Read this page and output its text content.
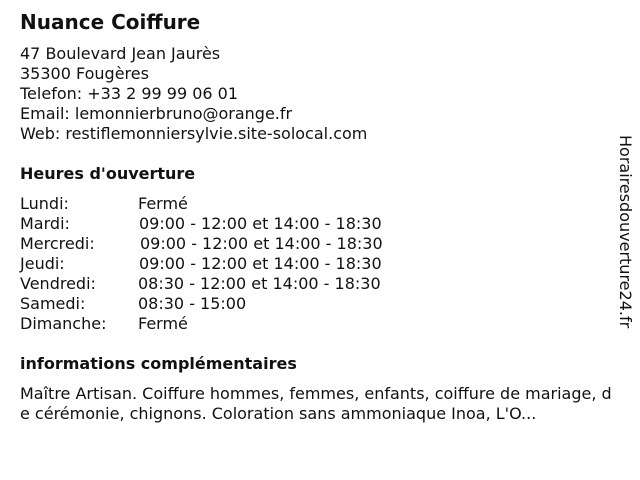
Nuance Coiffure
47 Boulevard Jean Jaurès
35300 Fougères
Telefon: +33 2 99 99 06 01
Email: lemonnierbruno@orange.fr
Web: restiflemonniersylvie.site-solocal.com
Heures d'ouverture
Lundi:	Fermé
Mardi:	09:00 - 12:00 et 14:00 - 18:30
Mercredi:	09:00 - 12:00 et 14:00 - 18:30
Jeudi:	09:00 - 12:00 et 14:00 - 18:30
Vendredi:	08:30 - 12:00 et 14:00 - 18:30
Samedi:	08:30 - 15:00
Dimanche: Fermé
informations complémentaires
Maître Artisan. Coiffure hommes, femmes, enfants, coiffure de mariage, de cérémonie, chignons. Coloration sans ammoniaque Inoa, L'O...
Horairesdouverture24.fr
